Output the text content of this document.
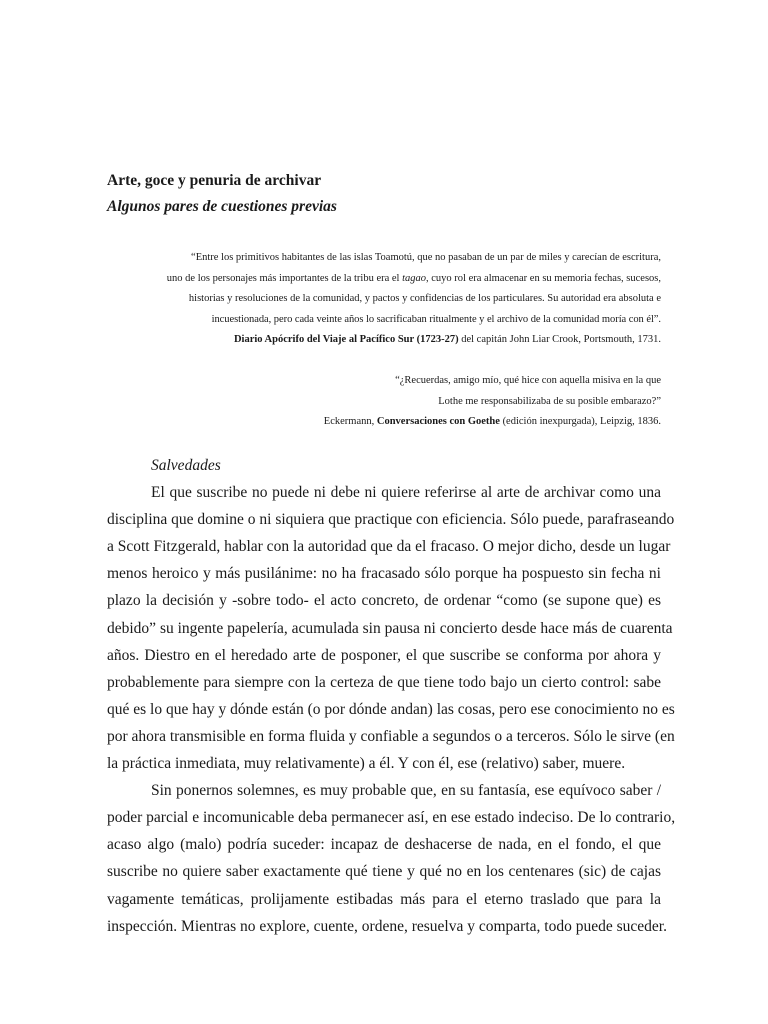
Arte, goce y penuria de archivar
Algunos pares de cuestiones previas
“Entre los primitivos habitantes de las islas Toamotú, que no pasaban de un par de miles y carecían de escritura,
uno de los personajes más importantes de la tribu era el tagao, cuyo rol era almacenar en su memoria fechas, sucesos,
historias y resoluciones de la comunidad, y pactos y confidencias de los particulares. Su autoridad era absoluta e
incuestionada, pero cada veinte años lo sacrificaban ritualmente y el archivo de la comunidad moría con él”.
Diario Apócrifo del Viaje al Pacífico Sur (1723-27) del capitán John Liar Crook, Portsmouth, 1731.
“¿Recuerdas, amigo mío, qué hice con aquella misiva en la que
Lothe me responsabilizaba de su posible embarazo?”
Eckermann, Conversaciones con Goethe (edición inexpurgada), Leipzig, 1836.
Salvedades
El que suscribe no puede ni debe ni quiere referirse al arte de archivar como una
disciplina que domine o ni siquiera que practique con eficiencia. Sólo puede, parafraseando
a Scott Fitzgerald, hablar con la autoridad que da el fracaso. O mejor dicho, desde un lugar
menos heroico y más pusilánime: no ha fracasado sólo porque ha pospuesto sin fecha ni
plazo la decisión y -sobre todo- el acto concreto, de ordenar “como (se supone que) es
debido” su ingente papelería, acumulada sin pausa ni concierto desde hace más de cuarenta
años. Diestro en el heredado arte de posponer, el que suscribe se conforma por ahora y
probablemente para siempre con la certeza de que tiene todo bajo un cierto control: sabe
qué es lo que hay y dónde están (o por dónde andan) las cosas, pero ese conocimiento no es
por ahora transmisible en forma fluida y confiable a segundos o a terceros. Sólo le sirve (en
la práctica inmediata, muy relativamente) a él. Y con él, ese (relativo) saber, muere.
Sin ponernos solemnes, es muy probable que, en su fantasía, ese equívoco saber /
poder parcial e incomunicable deba permanecer así, en ese estado indeciso. De lo contrario,
acaso algo (malo) podría suceder: incapaz de deshacerse de nada, en el fondo, el que
suscribe no quiere saber exactamente qué tiene y qué no en los centenares (sic) de cajas
vagamente temáticas, prolijamente estibadas más para el eterno traslado que para la
inspección. Mientras no explore, cuente, ordene, resuelva y comparta, todo puede suceder.
